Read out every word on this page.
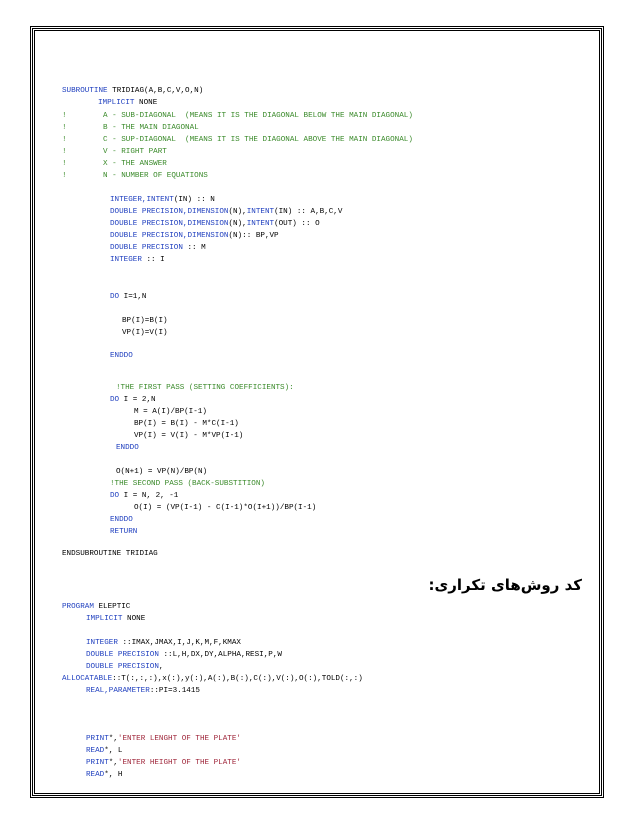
SUBROUTINE TRIDIAG(A,B,C,V,O,N)
IMPLICIT NONE
!        A - SUB-DIAGONAL  (MEANS IT IS THE DIAGONAL BELOW THE MAIN DIAGONAL)
!        B - THE MAIN DIAGONAL
!        C - SUP-DIAGONAL  (MEANS IT IS THE DIAGONAL ABOVE THE MAIN DIAGONAL)
!        V - RIGHT PART
!        X - THE ANSWER
!        N - NUMBER OF EQUATIONS
INTEGER,INTENT(IN) :: N
DOUBLE PRECISION,DIMENSION(N),INTENT(IN) :: A,B,C,V
DOUBLE PRECISION,DIMENSION(N),INTENT(OUT) :: O
DOUBLE PRECISION,DIMENSION(N):: BP,VP
DOUBLE PRECISION :: M
INTEGER :: I
DO I=1,N
BP(I)=B(I)
VP(I)=V(I)
ENDDO
!THE FIRST PASS (SETTING COEFFICIENTS):
DO I = 2,N
M = A(I)/BP(I-1)
BP(I) = B(I) - M*C(I-1)
VP(I) = V(I) - M*VP(I-1)
ENDDO
O(N+1) = VP(N)/BP(N)
!THE SECOND PASS (BACK-SUBSTITION)
DO I = N, 2, -1
O(I) = (VP(I-1) - C(I-1)*O(I+1))/BP(I-1)
ENDDO
RETURN
ENDSUBROUTINE TRIDIAG
کد روش‌های تکراری:
PROGRAM ELEPTIC
IMPLICIT NONE
INTEGER ::IMAX,JMAX,I,J,K,M,F,KMAX
DOUBLE PRECISION ::L,H,DX,DY,ALPHA,RESI,P,W
DOUBLE PRECISION,
ALLOCATABLE::T(:,:,:),x(:),y(:),A(:),B(:),C(:),V(:),O(:),TOLD(:,:)
REAL,PARAMETER::PI=3.1415
PRINT*,'ENTER LENGHT OF THE PLATE'
READ*, L
PRINT*,'ENTER HEIGHT OF THE PLATE'
READ*, H
